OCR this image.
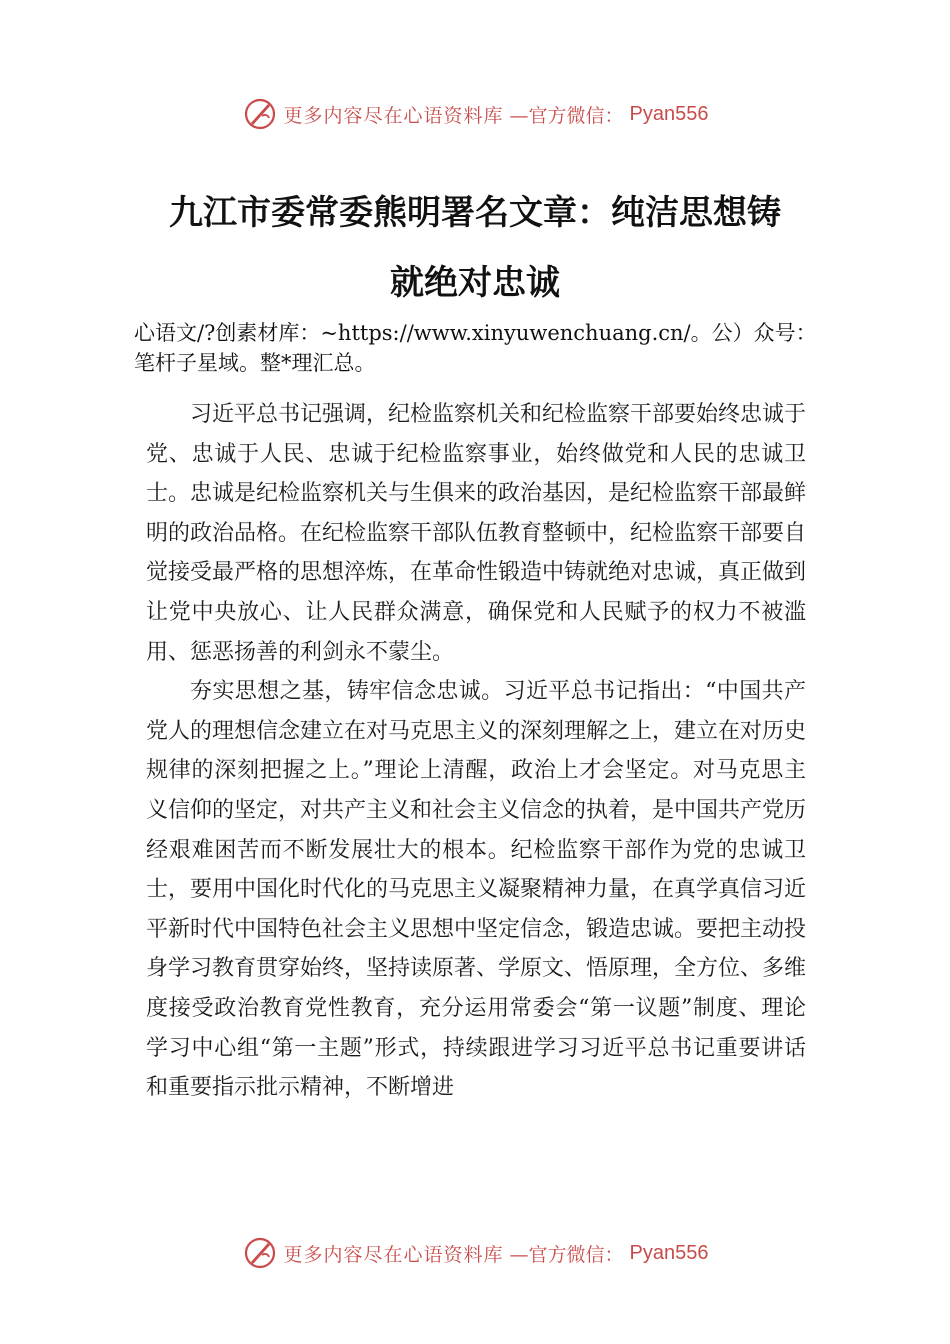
更多内容尽在心语资料库 —官方微信： Pyan556
九江市委常委熊明署名文章：纯洁思想铸
就绝对忠诚

心语文/?创素材库：~https://www.xinyuwenchuang.cn/。公）众号：笔杆子星域。整*理汇总。

习近平总书记强调，纪检监察机关和纪检监察干部要始终忠诚于党、忠诚于人民、忠诚于纪检监察事业，始终做党和人民的忠诚卫士。忠诚是纪检监察机关与生俱来的政治基因，是纪检监察干部最鲜明的政治品格。在纪检监察干部队伍教育整顿中，纪检监察干部要自觉接受最严格的思想淬炼，在革命性锻造中铸就绝对忠诚，真正做到让党中央放心、让人民群众满意，确保党和人民赋予的权力不被滥用、惩恶扬善的利剑永不蒙尘。

夯实思想之基，铸牢信念忠诚。习近平总书记指出：“中国共产党人的理想信念建立在对马克思主义的深刻理解之上，建立在对历史规律的深刻把握之上。”理论上清醒，政治上才会坚定。对马克思主义信仰的坚定，对共产主义和社会主义信念的执着，是中国共产党历经艰难困苦而不断发展壮大的根本。纪检监察干部作为党的忠诚卫士，要用中国化时代化的马克思主义凝聚精神力量，在真学真信习近平新时代中国特色社会主义思想中坚定信念，锻造忠诚。要把主动投身学习教育贯穿始终，坚持读原著、学原文、悟原理，全方位、多维度接受政治教育党性教育，充分运用常委会“第一议题”制度、理论学习中心组“第一主题”形式，持续跟进学习习近平总书记重要讲话和重要指示批示精神，不断增进

更多内容尽在心语资料库 —官方微信： Pyan556
